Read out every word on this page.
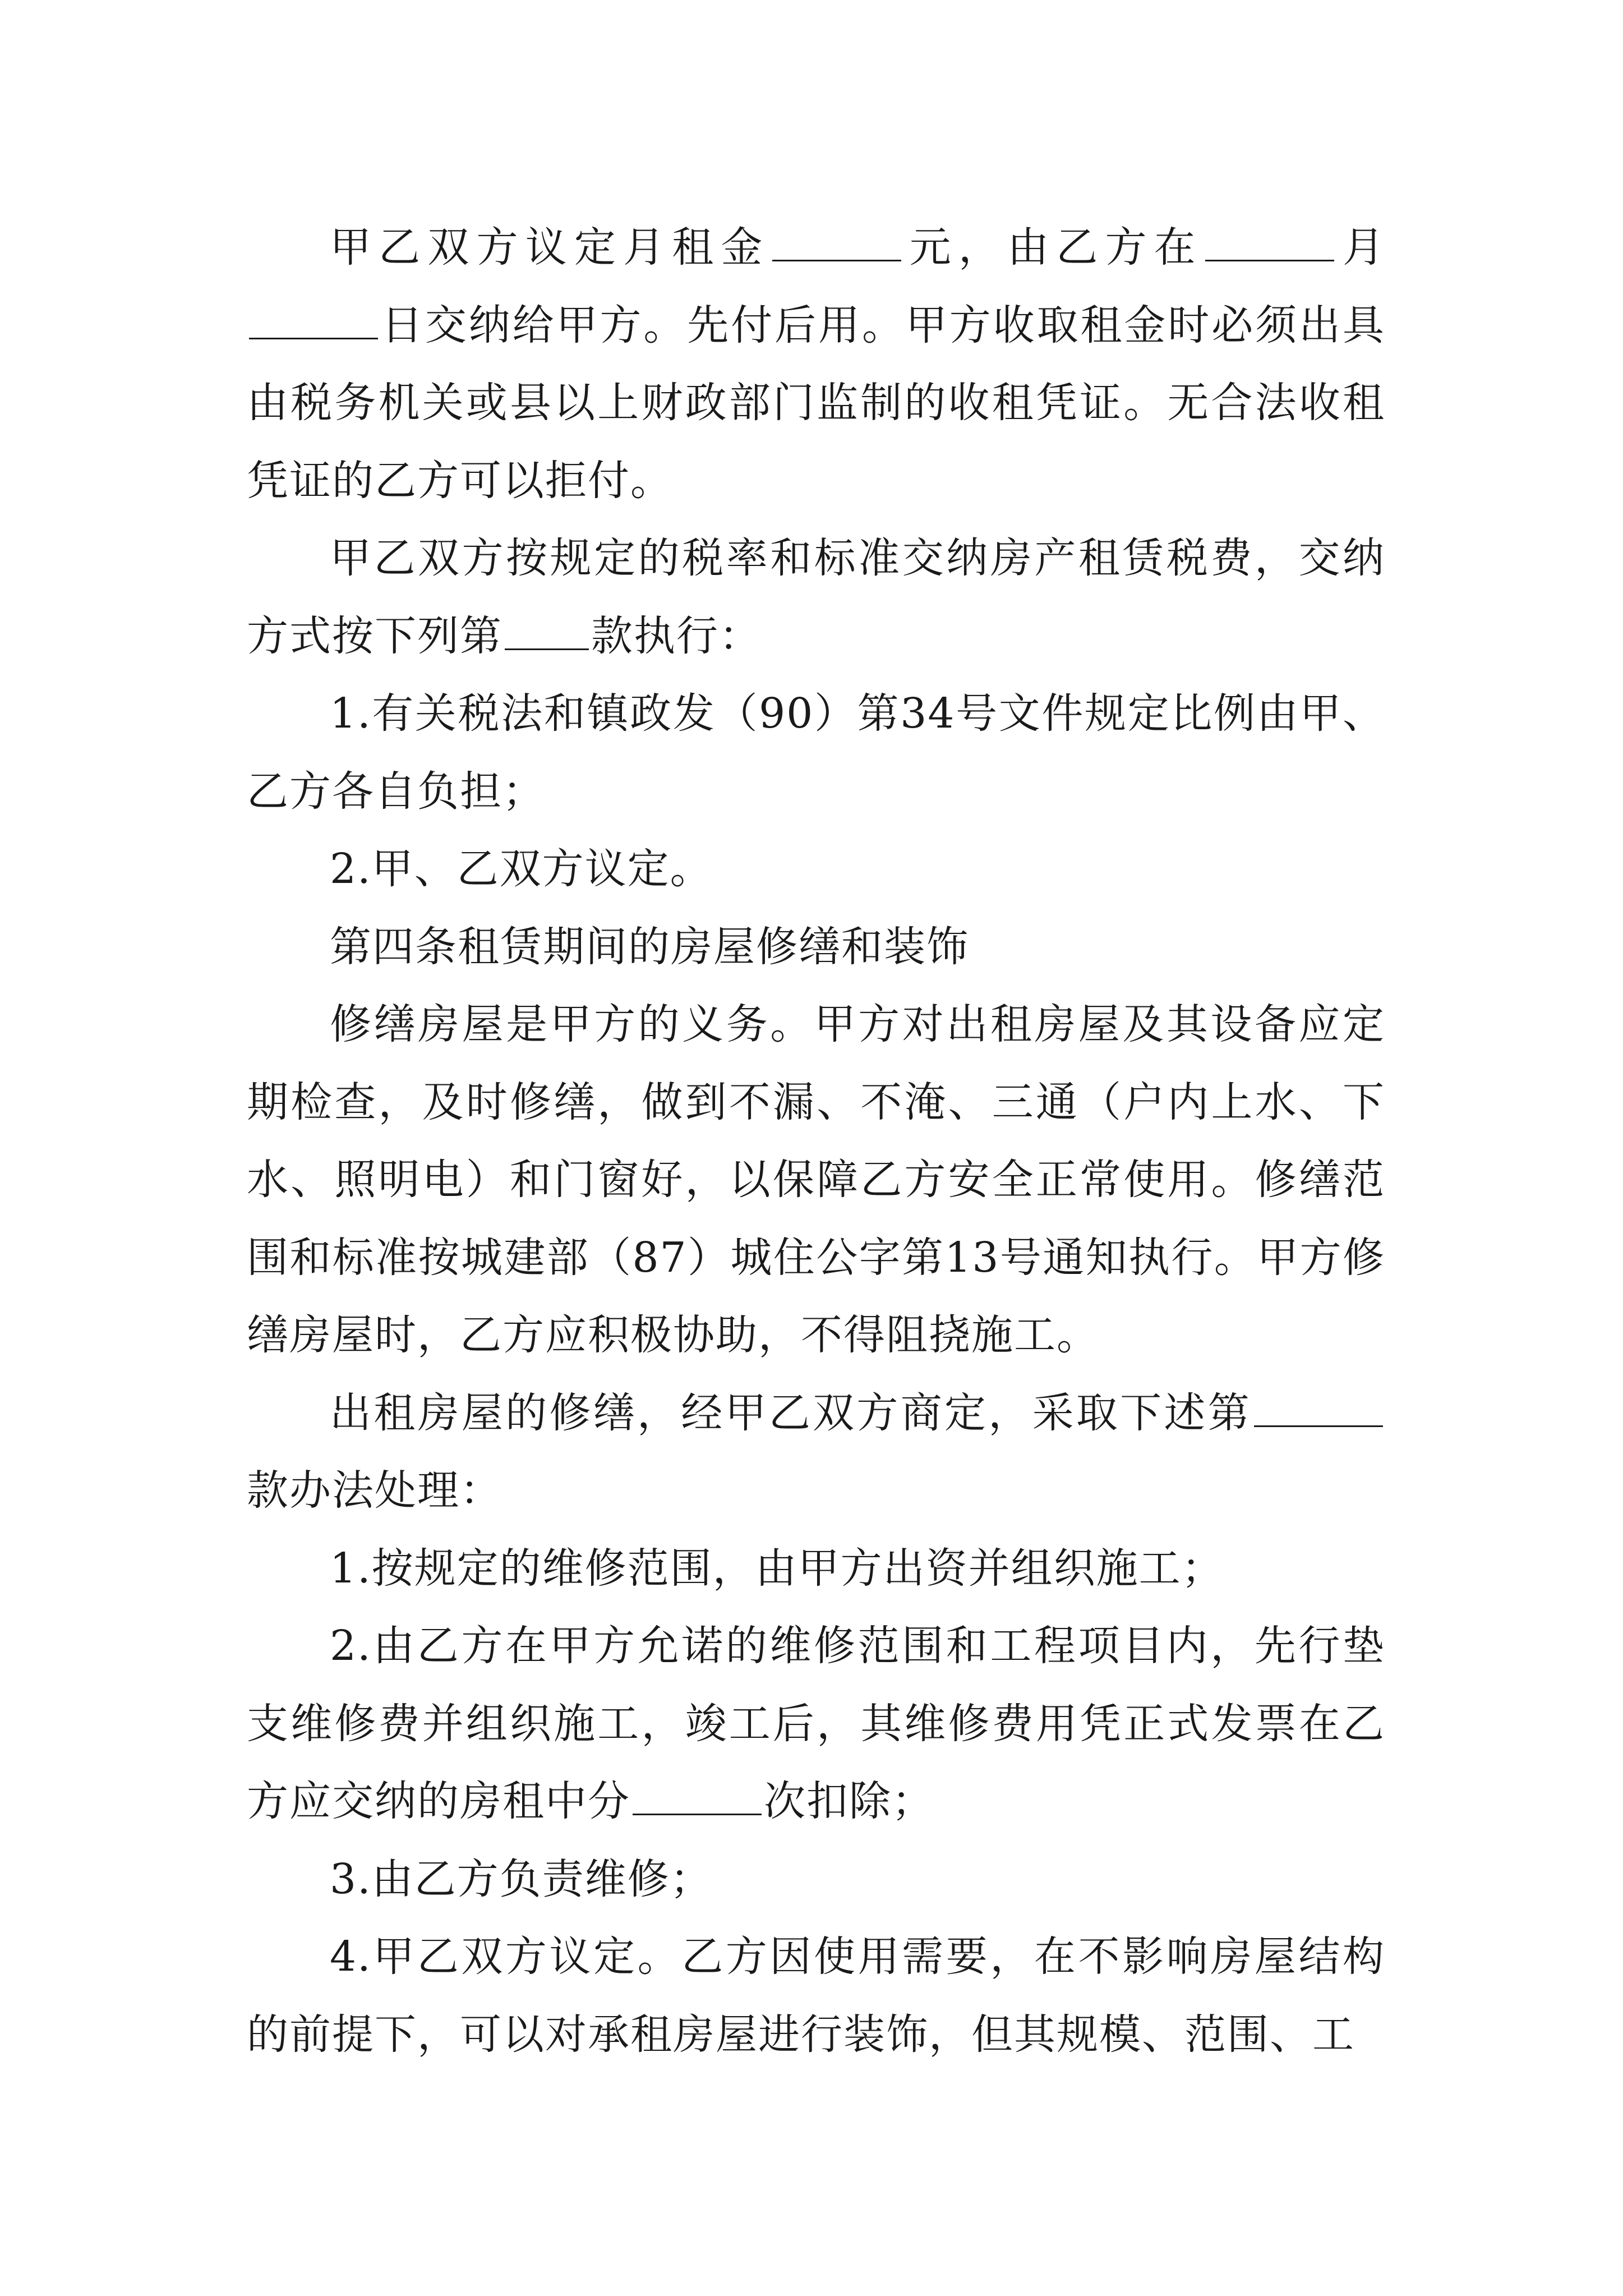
甲乙双方议定月租金	元，由乙方在	月日交纳给甲方。先付后用。甲方收取租金时必须出具由税务机关或县以上财政部门监制的收租凭证。无合法收租凭证的乙方可以拒付。

甲乙双方按规定的税率和标准交纳房产租赁税费，交纳方式按下列第 款执行：

1.有关税法和镇政发（90）第34号文件规定比例由甲、乙方各自负担；

2.甲、乙双方议定。

第四条租赁期间的房屋修缮和装饰

修缮房屋是甲方的义务。甲方对出租房屋及其设备应定期检查，及时修缮，做到不漏、不淹、三通（户内上水、下水、照明电）和门窗好，以保障乙方安全正常使用。修缮范围和标准按城建部（87）城住公字第13号通知执行。甲方修缮房屋时，乙方应积极协助，不得阻挠施工。

出租房屋的修缮，经甲乙双方商定，采取下述第款办法处理：

1.按规定的维修范围，由甲方出资并组织施工；

2.由乙方在甲方允诺的维修范围和工程项目内，先行垫支维修费并组织施工，竣工后，其维修费用凭正式发票在乙方应交纳的房租中分	次扣除；

3.由乙方负责维修；

4.甲乙双方议定。乙方因使用需要，在不影响房屋结构的前提下，可以对承租房屋进行装饰，但其规模、范围、工
